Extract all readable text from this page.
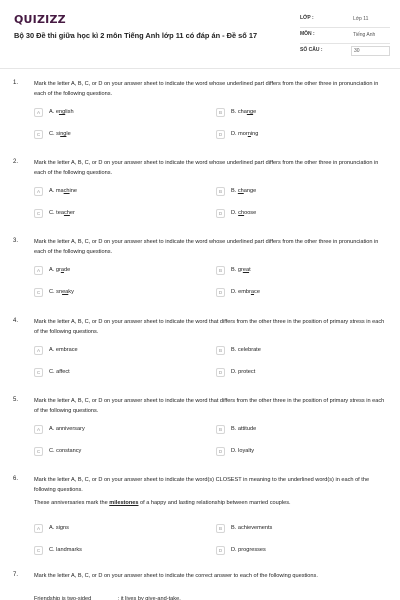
QUIZIZZ
Bộ 30 Đề thi giữa học kì 2 môn Tiếng Anh lớp 11 có đáp án - Đề số 17
LỚP :	Lớp 11
MÔN :	Tiếng Anh
SỐ CÂU :	30
1.	Mark the letter A, B, C, or D on your answer sheet to indicate the word whose underlined part differs from the other three in pronunciation in each of the following questions.
A	A. english	B	B. change
C	C. single	D	D. morning
2.	Mark the letter A, B, C, or D on your answer sheet to indicate the word whose underlined part differs from the other three in pronunciation in each of the following questions.
A	A. machine	B	B. change
C	C. teacher	D	D. choose
3.	Mark the letter A, B, C, or D on your answer sheet to indicate the word whose underlined part differs from the other three in pronunciation in each of the following questions.
A	A. grade	B	B. great
C	C. sneaky	D	D. embrace
4.	Mark the letter A, B, C, or D on your answer sheet to indicate the word that differs from the other three in the position of primary stress in each of the following questions.
A	A. embrace	B	B. celebrate
C	C. affect	D	D. protect
5.	Mark the letter A, B, C, or D on your answer sheet to indicate the word that differs from the other three in the position of primary stress in each of the following questions.
A	A. anniversary	B	B. attitude
C	C. constancy	D	D. loyalty
6.	Mark the letter A, B, C, or D on your answer sheet to indicate the word(s) CLOSEST in meaning to the underlined word(s) in each of the following questions.
These anniversaries mark the milestones of a happy and lasting relationship between married couples.
A	A. signs	B	B. achievements
C	C. landmarks	D	D. progresses
7.	Mark the letter A, B, C, or D on your answer sheet to indicate the correct answer to each of the following questions.
Friendship is two-sided ________; it lives by give-and-take.
